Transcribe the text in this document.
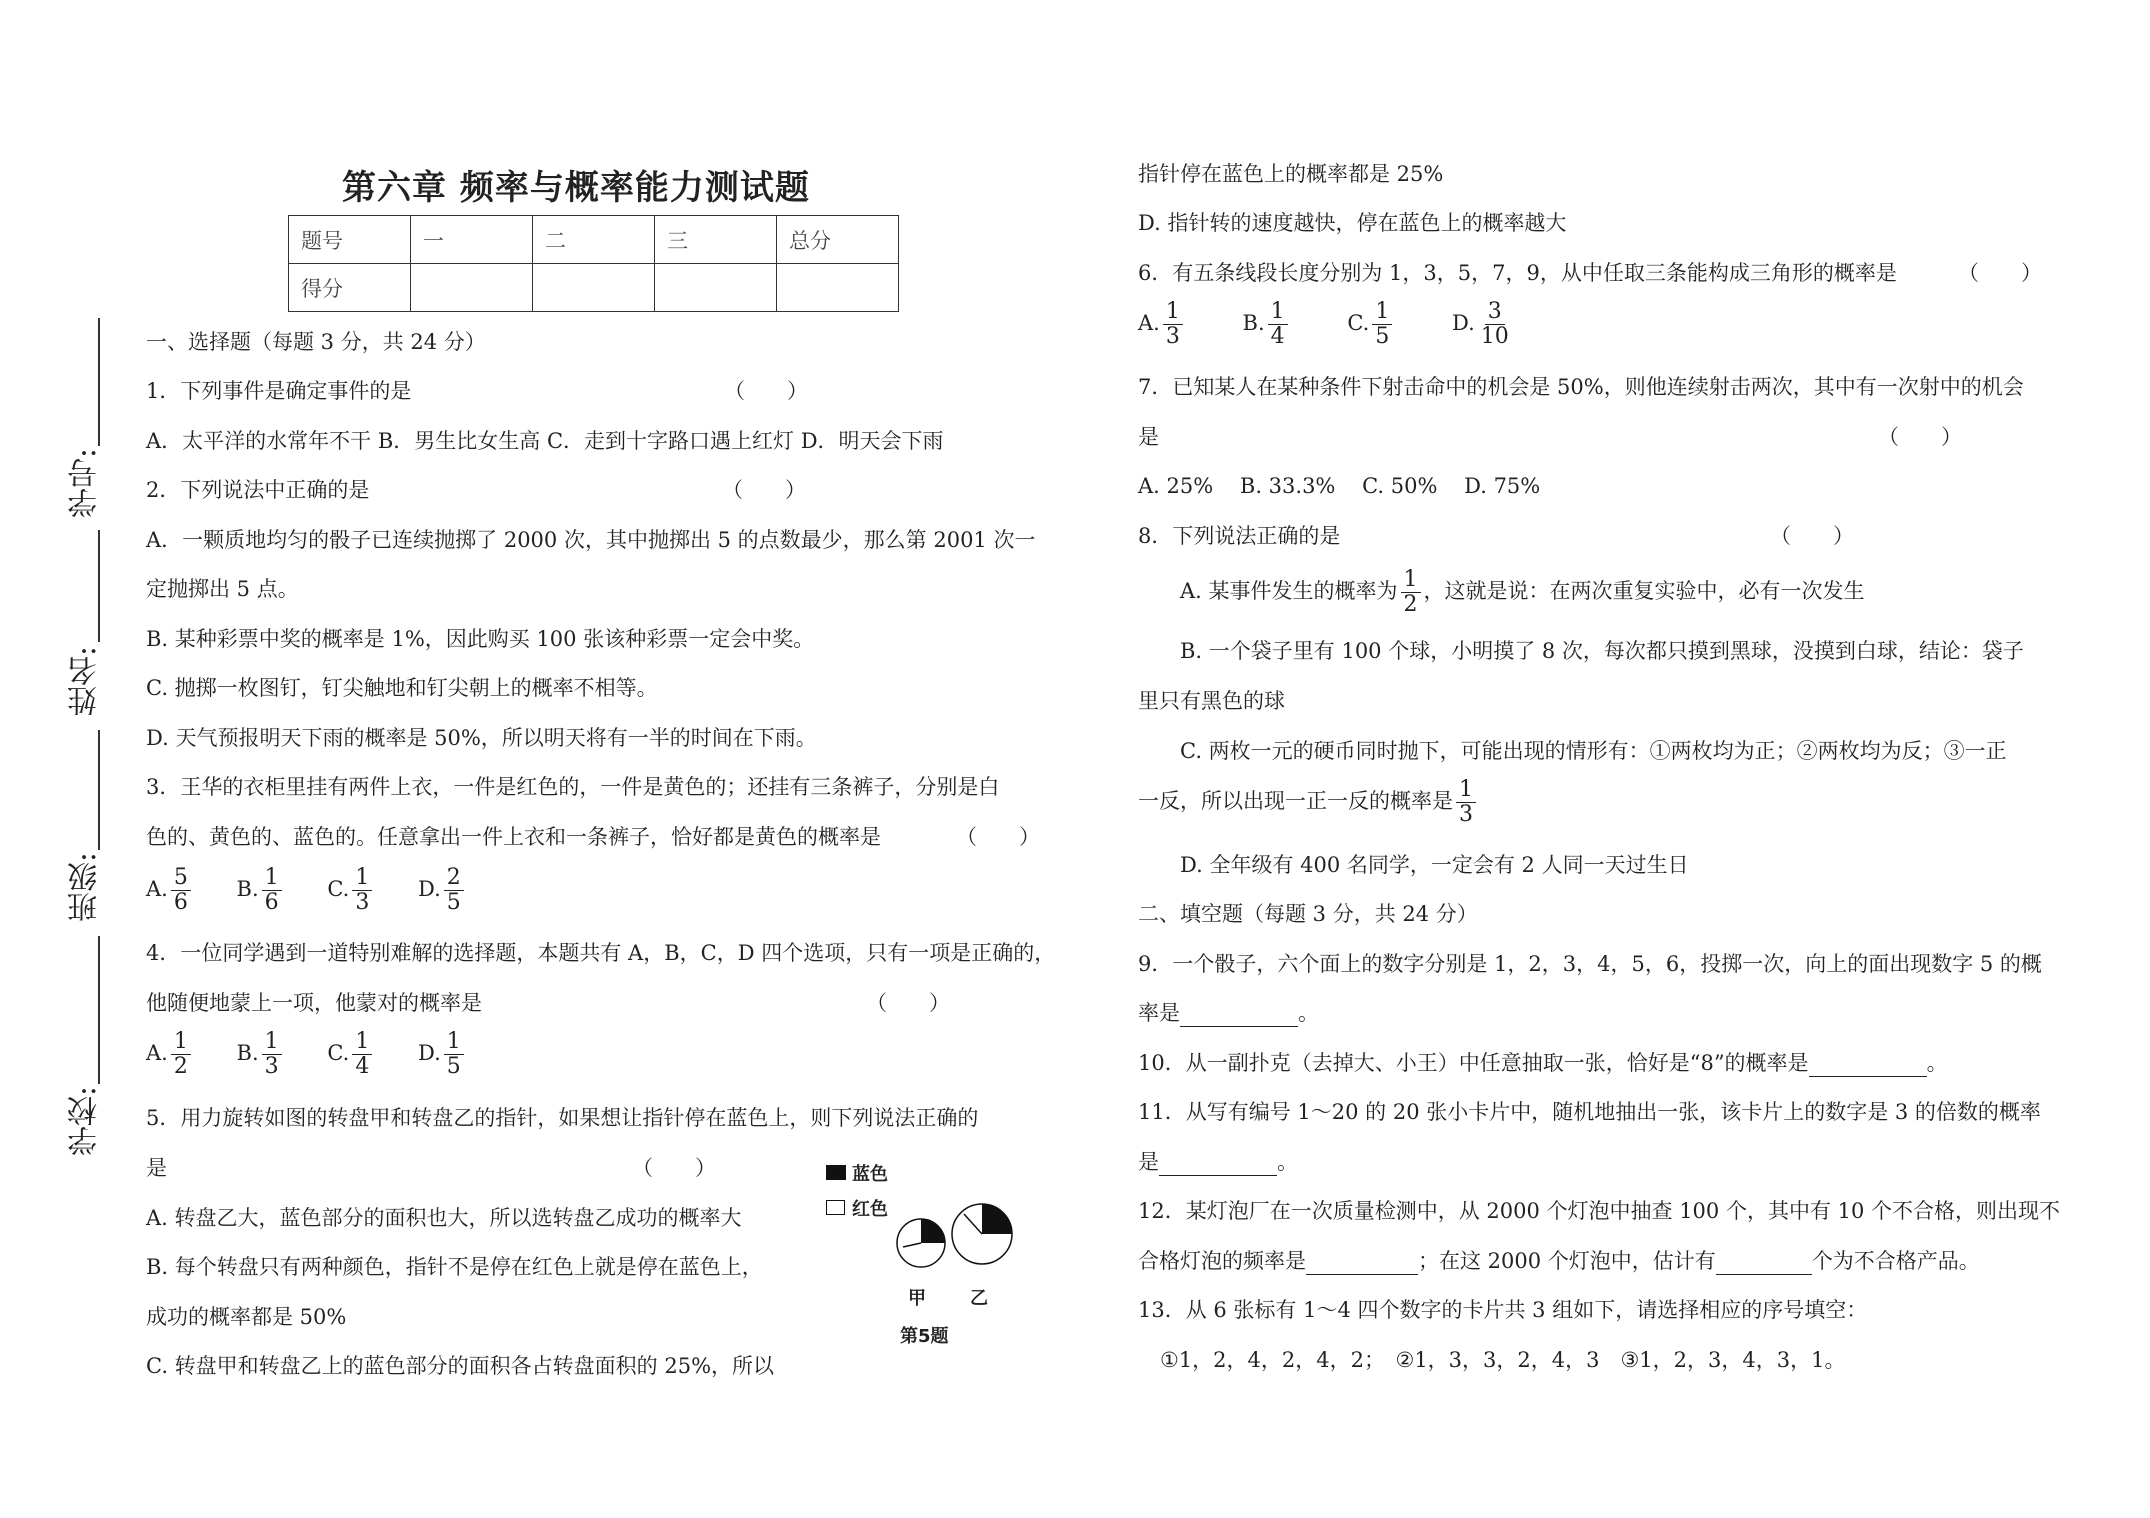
第六章 频率与概率能力测试题
题号	一	二	三	总分
得分				
学号:
姓名:
班级:
学校:
一、选择题（每题 3 分，共 24 分）
1．下列事件是确定事件的是	（　　）
A．太平洋的水常年不干 B．男生比女生高 C．走到十字路口遇上红灯 D．明天会下雨
2．下列说法中正确的是	（　　）
A．一颗质地均匀的骰子已连续抛掷了 2000 次，其中抛掷出 5 的点数最少，那么第 2001 次一
定抛掷出 5 点。
B. 某种彩票中奖的概率是 1%，因此购买 100 张该种彩票一定会中奖。
C. 抛掷一枚图钉，钉尖触地和钉尖朝上的概率不相等。
D. 天气预报明天下雨的概率是 50%，所以明天将有一半的时间在下雨。
3．王华的衣柜里挂有两件上衣，一件是红色的，一件是黄色的；还挂有三条裤子，分别是白
色的、黄色的、蓝色的。任意拿出一件上衣和一条裤子，恰好都是黄色的概率是	（　　）
A. $\frac{5}{6} B$. $\frac{1}{6} C$. $\frac{1}{3} D$. $\frac{2}{5}$
4．一位同学遇到一道特别难解的选择题，本题共有 A，B，C，D 四个选项，只有一项是正确的，
他随便地蒙上一项，他蒙对的概率是	（　　）
A. $\frac{1}{2} B$. $\frac{1}{3} C$. $\frac{1}{4} D$. $\frac{1}{5}$
5．用力旋转如图的转盘甲和转盘乙的指针，如果想让指针停在蓝色上，则下列说法正确的
是	（　　）
A. 转盘乙大，蓝色部分的面积也大，所以选转盘乙成功的概率大
B. 每个转盘只有两种颜色，指针不是停在红色上就是停在蓝色上，
成功的概率都是 50%
C. 转盘甲和转盘乙上的蓝色部分的面积各占转盘面积的 25%，所以
蓝色
红色
甲 乙
第5题
指针停在蓝色上的概率都是 25%
D. 指针转的速度越快，停在蓝色上的概率越大
6．有五条线段长度分别为 1，3，5，7，9，从中任取三条能构成三角形的概率是	（　　）
A. $\frac{1}{3}$	B. $\frac{1}{4}$	C. $\frac{1}{5}$	D. $\frac{3}{10}$
7．已知某人在某种条件下射击命中的机会是 50%，则他连续射击两次，其中有一次射中的机会
是	（　　）
A. 25%    B. 33.3%    C. 50%    D. 75%
8．下列说法正确的是	（　　）
A. 某事件发生的概率为 $\frac{1}{2}$ ，这就是说：在两次重复实验中，必有一次发生
B. 一个袋子里有 100 个球，小明摸了 8 次，每次都只摸到黑球，没摸到白球，结论：袋子
里只有黑色的球
C. 两枚一元的硬币同时抛下，可能出现的情形有：①两枚均为正；②两枚均为反；③一正
一反，所以出现一正一反的概率是 $\frac{1}{3}$
D. 全年级有 400 名同学，一定会有 2 人同一天过生日
二、填空题（每题 3 分，共 24 分）
9．一个骰子，六个面上的数字分别是 1，2，3，4，5，6，投掷一次，向上的面出现数字 5 的概
率是	。
10．从一副扑克（去掉大、小王）中任意抽取一张，恰好是“8”的概率是	。
11．从写有编号 1～20 的 20 张小卡片中，随机地抽出一张，该卡片上的数字是 3 的倍数的概率
是	。
12．某灯泡厂在一次质量检测中，从 2000 个灯泡中抽查 100 个，其中有 10 个不合格，则出现不
合格灯泡的频率是	；在这 2000 个灯泡中，估计有	个为不合格产品。
13．从 6 张标有 1～4 四个数字的卡片共 3 组如下，请选择相应的序号填空：
①1，2，4，2，4，2；　②1，3，3，2，4，3　③1，2，3，4，3，1。
